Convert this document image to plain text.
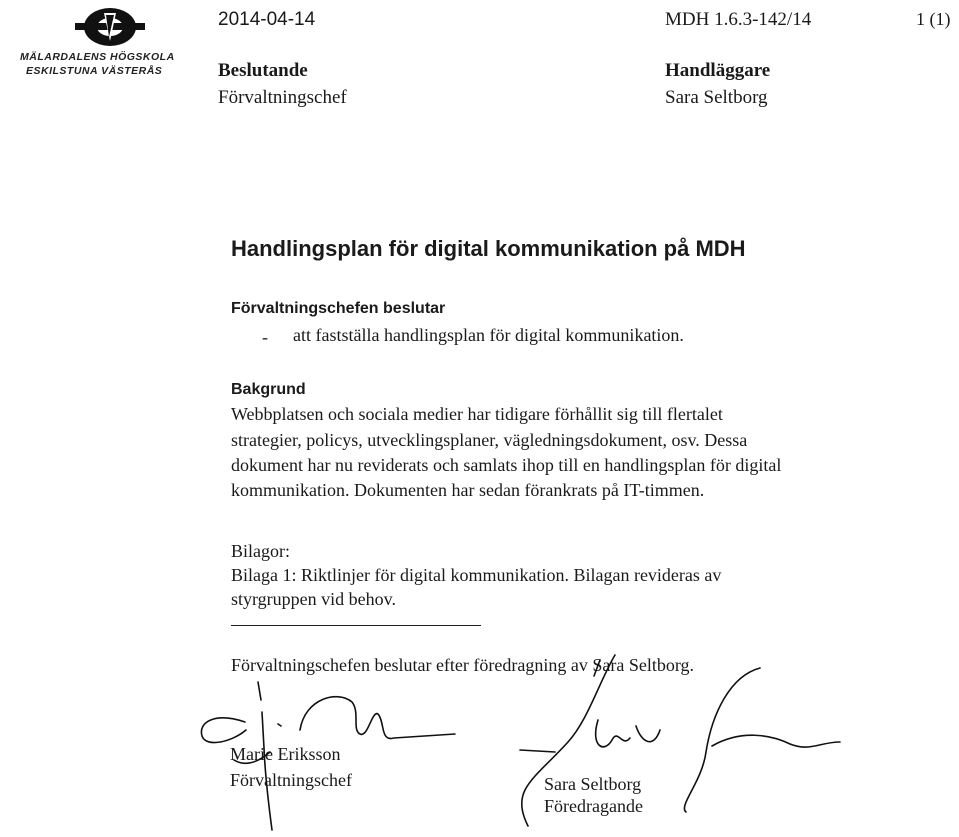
MÄLARDALENS HÖGSKOLA
ESKILSTUNA VÄSTERÅS
2014-04-14	MDH 1.6.3-142/14	1 (1)
Beslutande
Förvaltningschef
Handläggare
Sara Seltborg
Handlingsplan för digital kommunikation på MDH
Förvaltningschefen beslutar
- att fastställa handlingsplan för digital kommunikation.
Bakgrund
Webbplatsen och sociala medier har tidigare förhållit sig till flertalet
strategier, policys, utvecklingsplaner, vägledningsdokument, osv. Dessa
dokument har nu reviderats och samlats ihop till en handlingsplan för digital
kommunikation. Dokumenten har sedan förankrats på IT-timmen.
Bilagor:
Bilaga 1: Riktlinjer för digital kommunikation. Bilagan revideras av
styrgruppen vid behov.
Förvaltningschefen beslutar efter föredragning av Sara Seltborg.
Marie Eriksson
Förvaltningschef	Sara Seltborg
Föredragande
